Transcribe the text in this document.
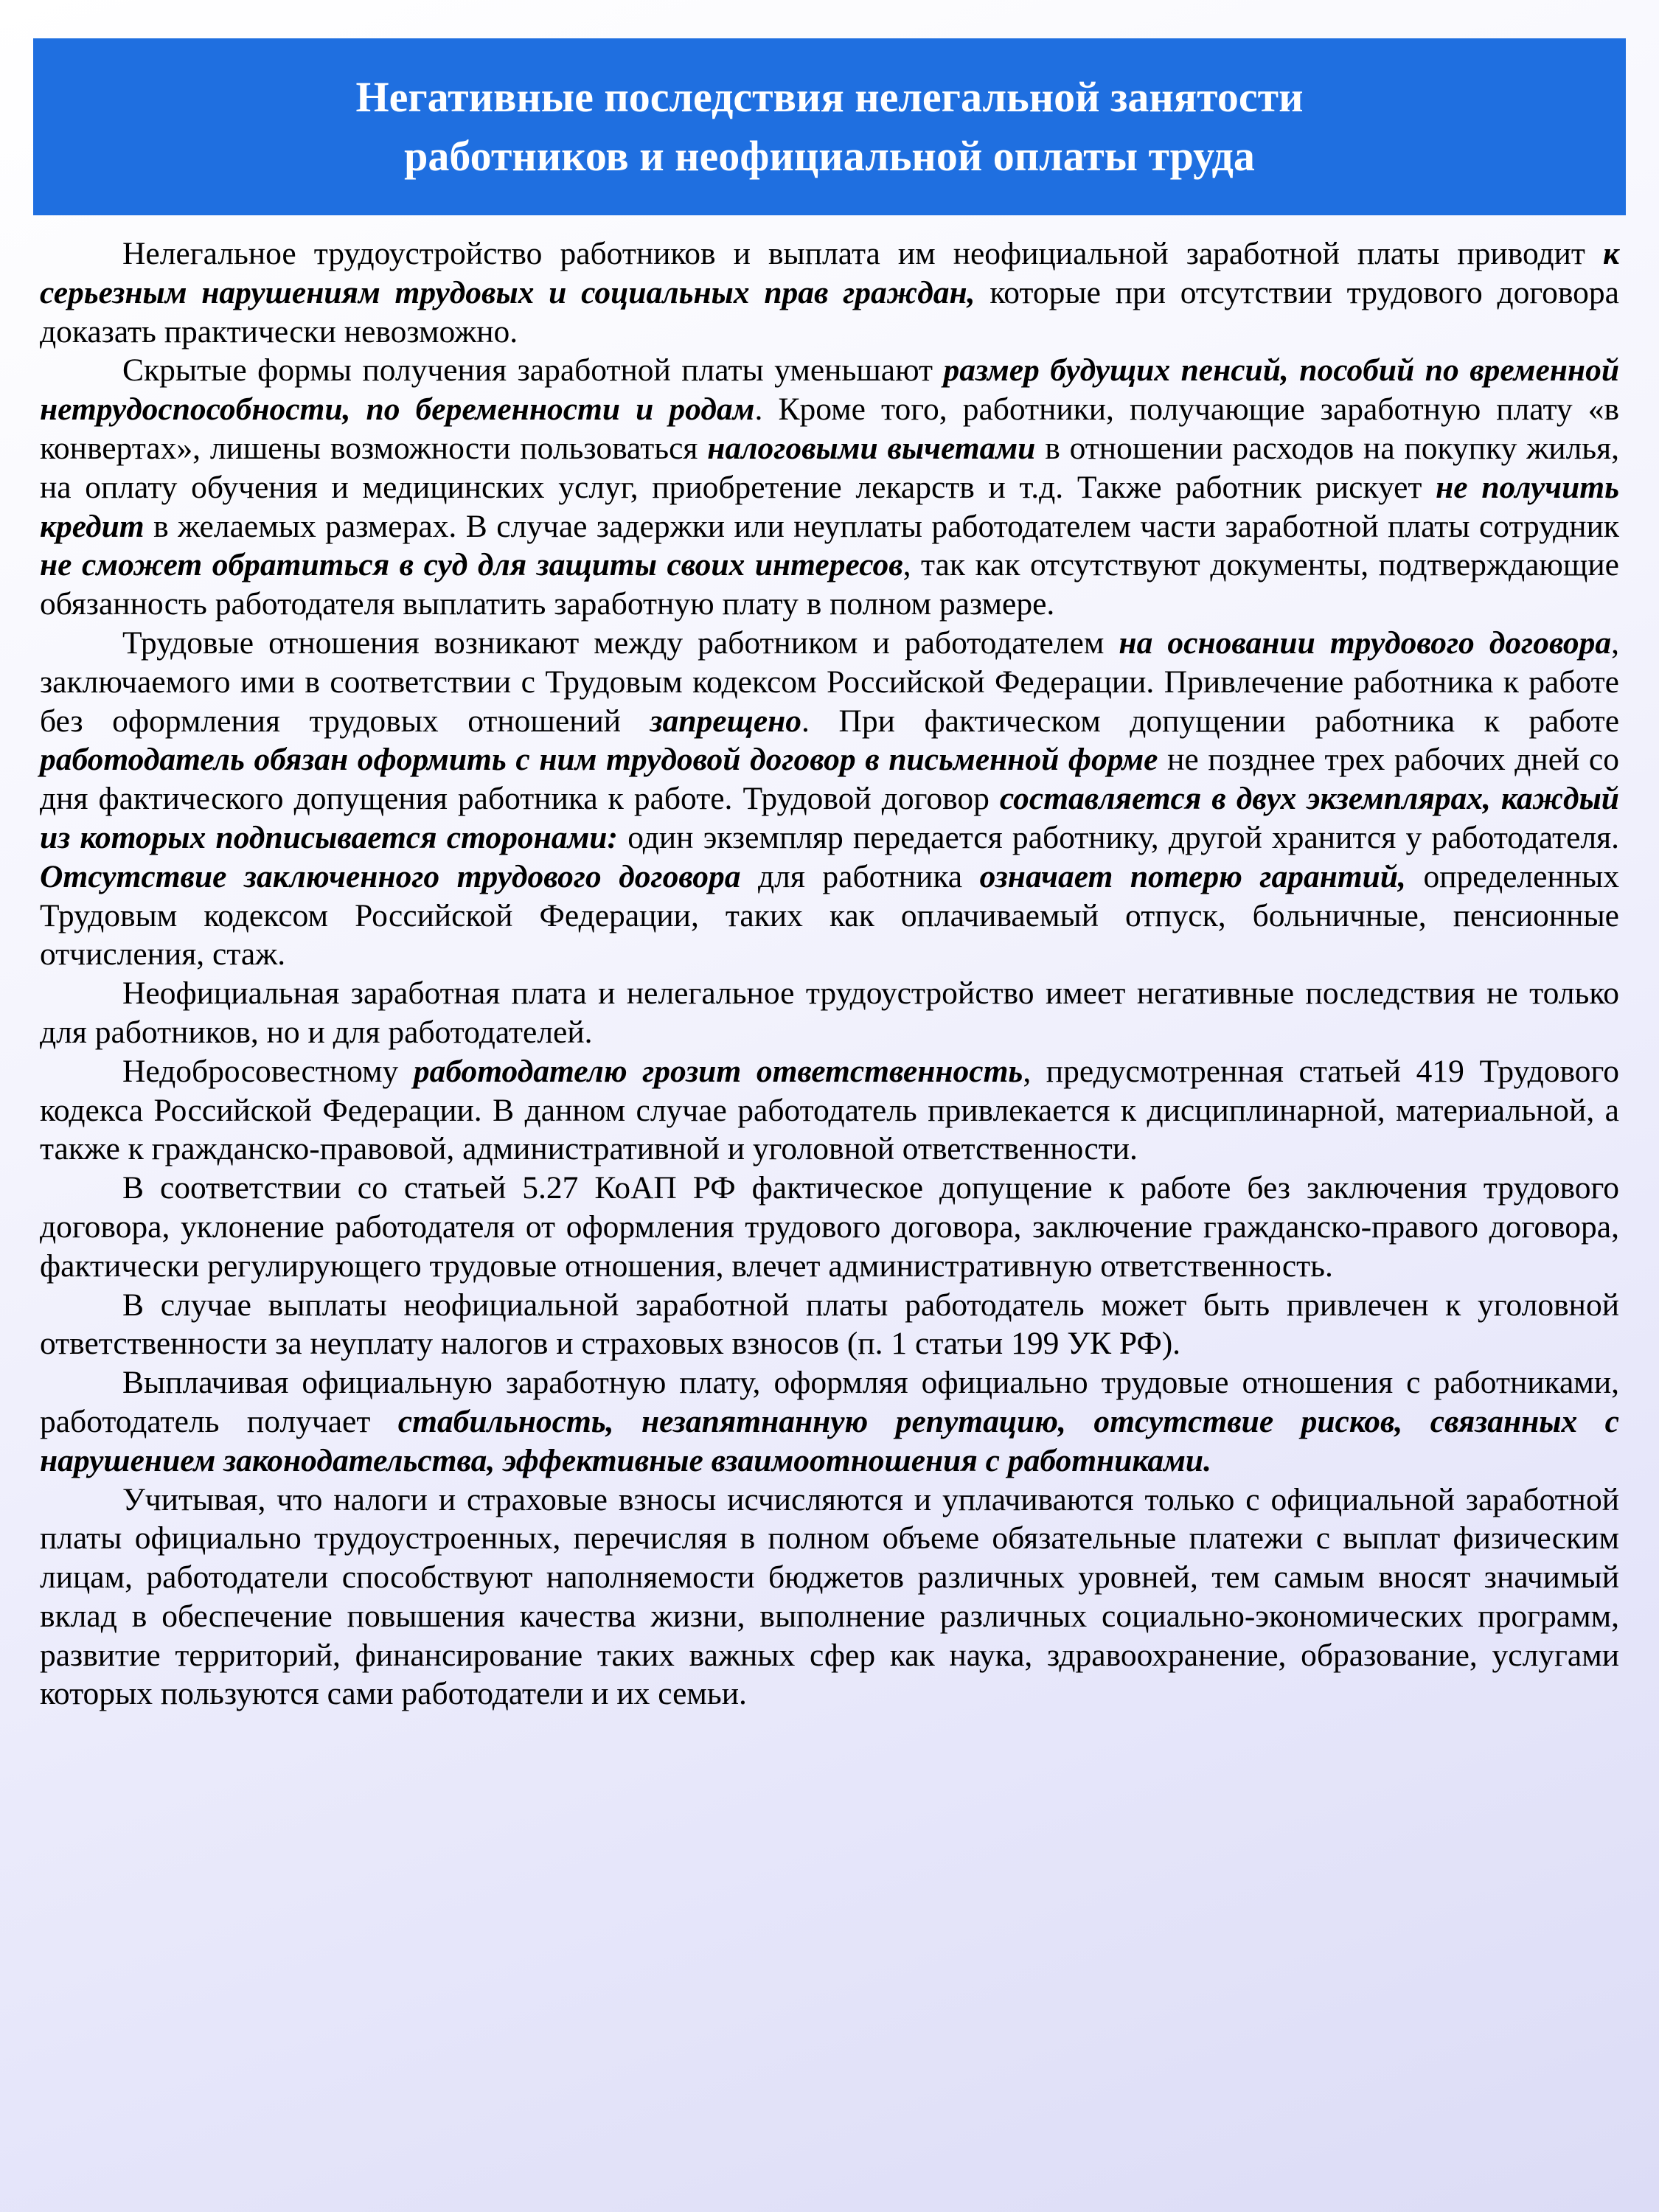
Негативные последствия нелегальной занятости
работников и неофициальной оплаты труда

Нелегальное трудоустройство работников и выплата им неофициальной заработной платы приводит к серьезным нарушениям трудовых и социальных прав граждан, которые при отсутствии трудового договора доказать практически невозможно.

Скрытые формы получения заработной платы уменьшают размер будущих пенсий, пособий по временной нетрудоспособности, по беременности и родам. Кроме того, работники, получающие заработную плату «в конвертах», лишены возможности пользоваться налоговыми вычетами в отношении расходов на покупку жилья, на оплату обучения и медицинских услуг, приобретение лекарств и т.д. Также работник рискует не получить кредит в желаемых размерах. В случае задержки или неуплаты работодателем части заработной платы сотрудник не сможет обратиться в суд для защиты своих интересов, так как отсутствуют документы, подтверждающие обязанность работодателя выплатить заработную плату в полном размере.

Трудовые отношения возникают между работником и работодателем на основании трудового договора, заключаемого ими в соответствии с Трудовым кодексом Российской Федерации. Привлечение работника к работе без оформления трудовых отношений запрещено. При фактическом допущении работника к работе работодатель обязан оформить с ним трудовой договор в письменной форме не позднее трех рабочих дней со дня фактического допущения работника к работе. Трудовой договор составляется в двух экземплярах, каждый из которых подписывается сторонами: один экземпляр передается работнику, другой хранится у работодателя. Отсутствие заключенного трудового договора для работника означает потерю гарантий, определенных Трудовым кодексом Российской Федерации, таких как оплачиваемый отпуск, больничные, пенсионные отчисления, стаж.

Неофициальная заработная плата и нелегальное трудоустройство имеет негативные последствия не только для работников, но и для работодателей.

Недобросовестному работодателю грозит ответственность, предусмотренная статьей 419 Трудового кодекса Российской Федерации. В данном случае работодатель привлекается к дисциплинарной, материальной, а также к гражданско-правовой, административной и уголовной ответственности.

В соответствии со статьей 5.27 КоАП РФ фактическое допущение к работе без заключения трудового договора, уклонение работодателя от оформления трудового договора, заключение гражданско-правого договора, фактически регулирующего трудовые отношения, влечет административную ответственность.

В случае выплаты неофициальной заработной платы работодатель может быть привлечен к уголовной ответственности за неуплату налогов и страховых взносов (п. 1 статьи 199 УК РФ).

Выплачивая официальную заработную плату, оформляя официально трудовые отношения с работниками, работодатель получает стабильность, незапятнанную репутацию, отсутствие рисков, связанных с нарушением законодательства, эффективные взаимоотношения с работниками.

Учитывая, что налоги и страховые взносы исчисляются и уплачиваются только с официальной заработной платы официально трудоустроенных, перечисляя в полном объеме обязательные платежи с выплат физическим лицам, работодатели способствуют наполняемости бюджетов различных уровней, тем самым вносят значимый вклад в обеспечение повышения качества жизни, выполнение различных социально-экономических программ, развитие территорий, финансирование таких важных сфер как наука, здравоохранение, образование, услугами которых пользуются сами работодатели и их семьи.
